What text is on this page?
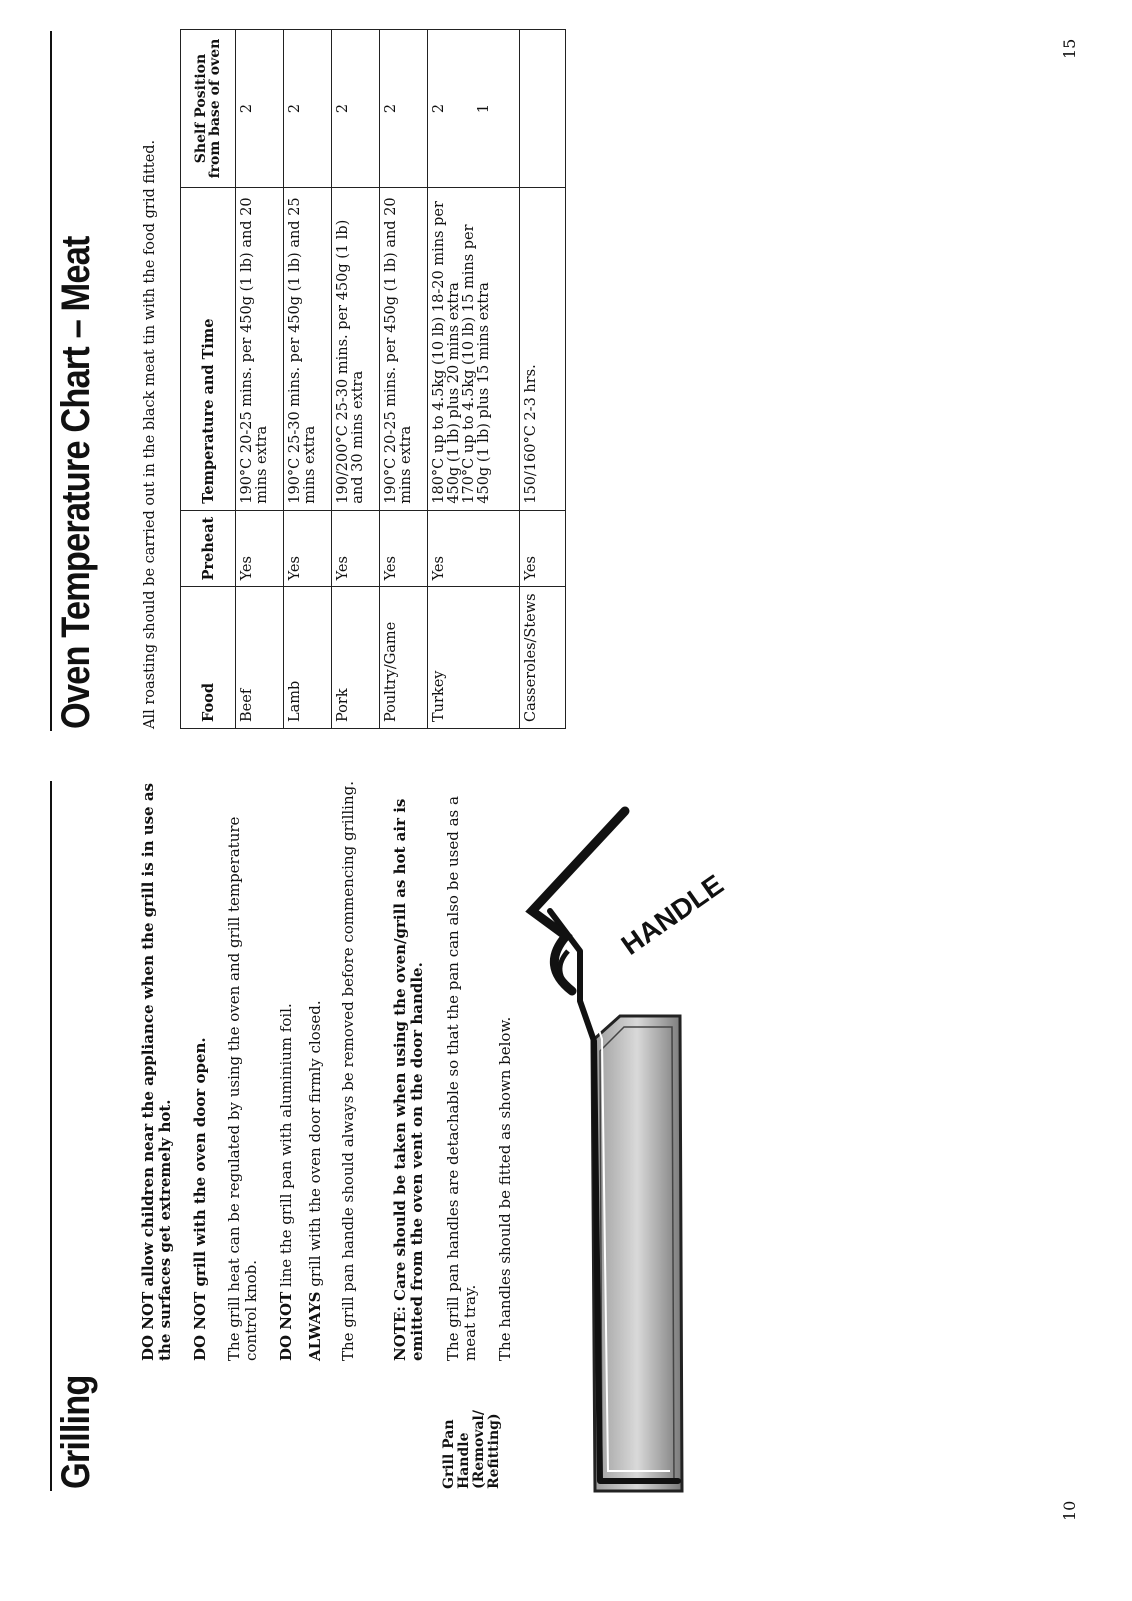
Grilling
DO NOT allow children near the appliance when the grill is in use as the surfaces get extremely hot. DO NOT grill with the oven door open. The grill heat can be regulated by using the oven and grill temperature control knob. DO NOT line the grill pan with aluminium foil.
ALWAYS grill with the oven door firmly closed. The grill pan handle should always be removed before commencing grilling. NOTE: Care should be taken when using the oven/grill as hot air is emitted from the oven vent on the door handle. The grill pan handles are detachable so that the pan can also be used as a meat tray. The handles should be fitted as shown below.
Grill Pan Handle (Removal/ Refitting)
HANDLE
10
Oven Temperature Chart – Meat	All roasting should be carried out in the black meat tin with the food grid fitted.	Food	Preheat	Temperature and Time	Shelf Position from base of oven
Beef	Yes	190°C 20-25 mins. per 450g (1 lb) and 20 mins extra	2

Lamb	Yes	190°C 25-30 mins. per 450g (1 lb) and 25 mins extra	2

Pork	Yes	190/200°C 25-30 mins. per 450g (1 lb) and 30 mins extra	2

Poultry/Game	Yes	190°C 20-25 mins. per 450g (1 lb) and 20 mins extra	2

Turkey	Yes	180°C up to 4.5kg (10 lb) 18-20 mins per 450g (1 lb) plus 20 mins extra 170°C up to 4.5kg (10 lb) 15 mins per 450g (1 lb) plus 15 mins extra	2 1

Casseroles/Stews	Yes	150/160°C 2-3 hrs.	

15
